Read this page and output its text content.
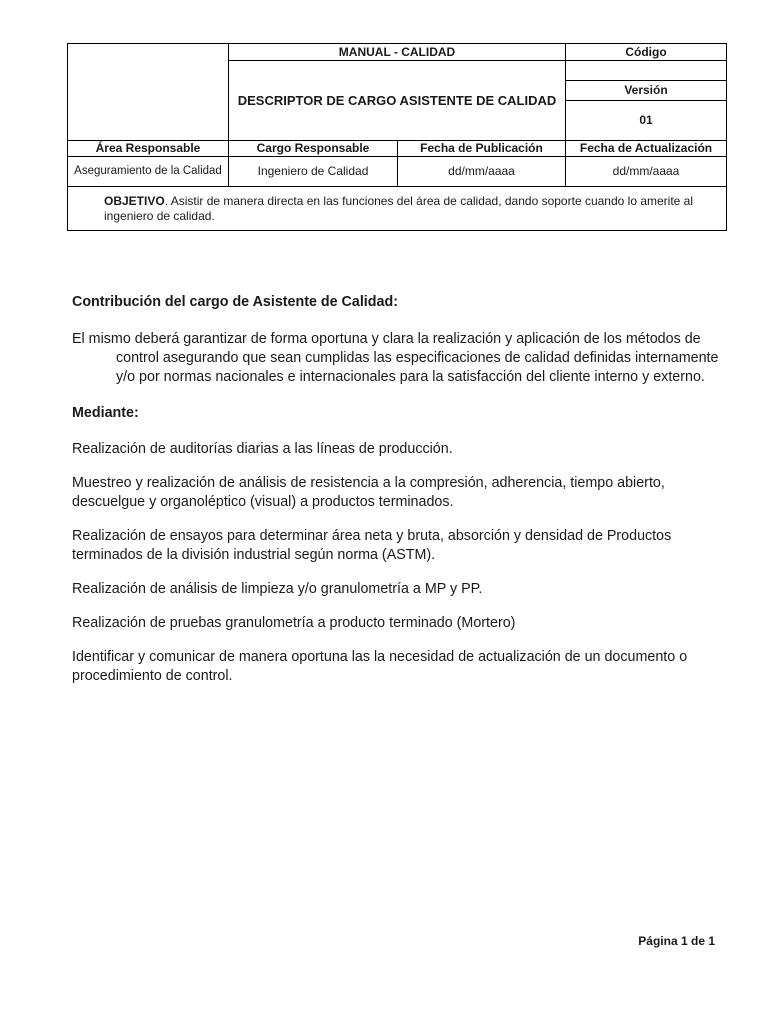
	MANUAL - CALIDAD		Código
	DESCRIPTOR DE CARGO ASISTENTE DE CALIDAD		
			Versión
			01

Área Responsable	Cargo Responsable	Fecha de Publicación	Fecha de Actualización
Aseguramiento de la Calidad	Ingeniero de Calidad	dd/mm/aaaa	dd/mm/aaaa

OBJETIVO. Asistir de manera directa en las funciones del área de calidad, dando soporte cuando lo amerite al ingeniero de calidad.			

Contribución del cargo de Asistente de Calidad:

El mismo deberá garantizar de forma oportuna y clara la realización y aplicación de los métodos de control asegurando que sean cumplidas las especificaciones de calidad definidas internamente y/o por normas nacionales e internacionales para la satisfacción del cliente interno y externo.

Mediante:

Realización de auditorías diarias a las líneas de producción.

Muestreo y realización de análisis de resistencia a la compresión, adherencia, tiempo abierto, descuelgue y organoléptico (visual) a productos terminados.

Realización de ensayos para determinar área neta y bruta, absorción y densidad de Productos terminados de la división industrial según norma (ASTM).

Realización de análisis de limpieza y/o granulometría a MP y PP.

Realización de pruebas granulometría a producto terminado (Mortero)

Identificar y comunicar de manera oportuna las la necesidad de actualización de un documento o procedimiento de control.

Página 1 de 1
